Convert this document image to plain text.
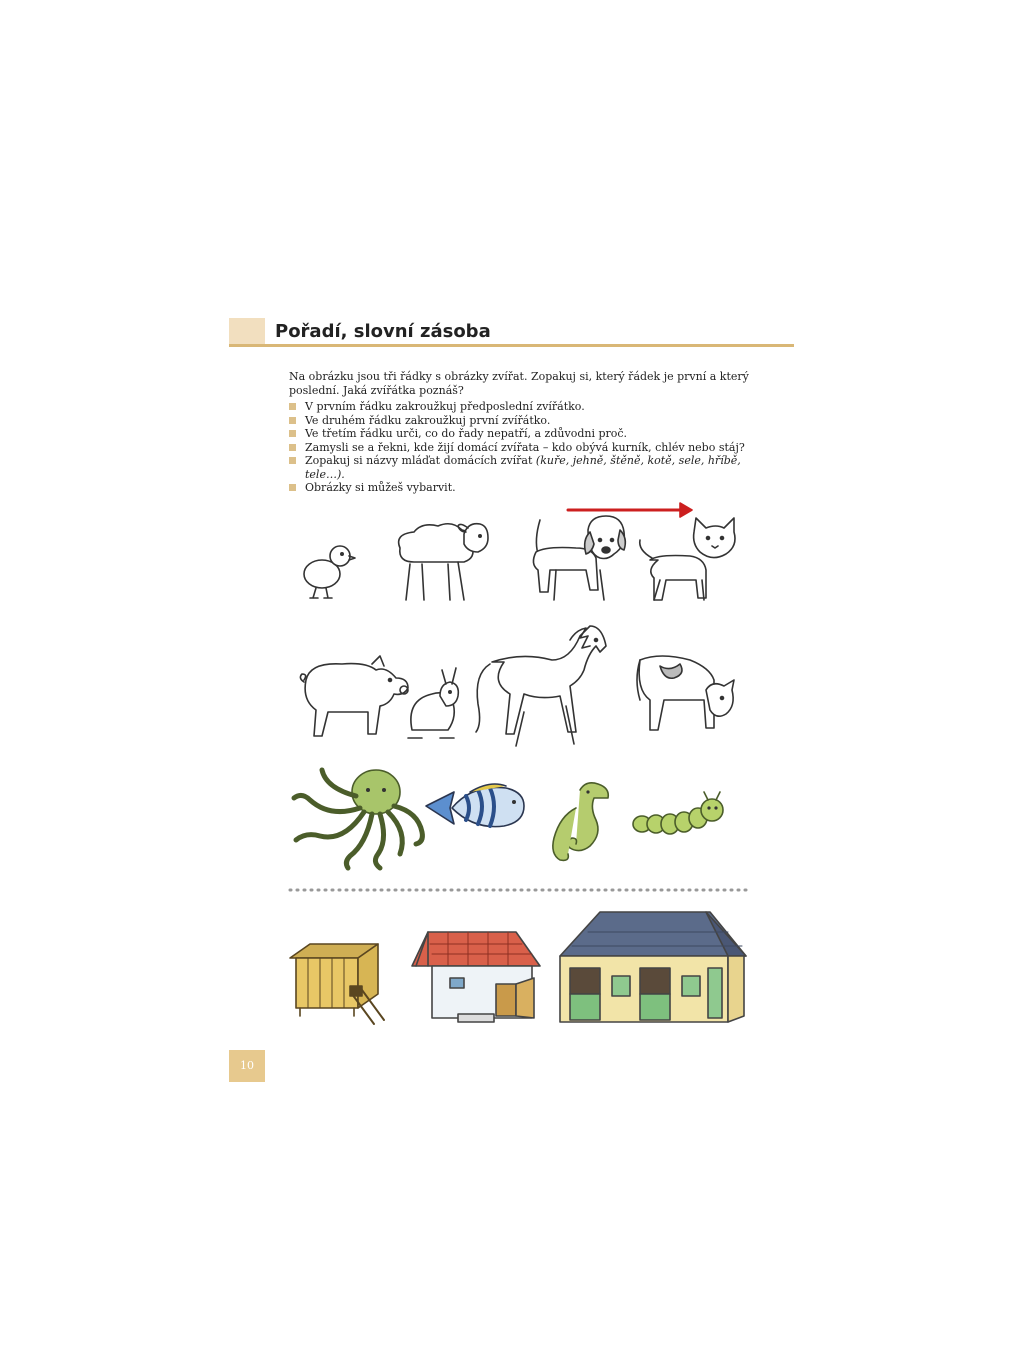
Pořadí, slovní zásoba

Na obrázku jsou tři řádky s obrázky zvířat. Zopakuj si, který řádek je první a který poslední. Jaká zvířátka poznáš?

V prvním řádku zakroužkuj předposlední zvířátko.
Ve druhém řádku zakroužkuj první zvířátko.
Ve třetím řádku urči, co do řady nepatří, a zdůvodni proč.
Zamysli se a řekni, kde žijí domácí zvířata – kdo obývá kurník, chlév nebo stáj?
Zopakuj si názvy mláďat domácích zvířat (kuře, jehně, štěně, kotě, sele, hříbě, tele…).
Obrázky si můžeš vybarvit.
10
